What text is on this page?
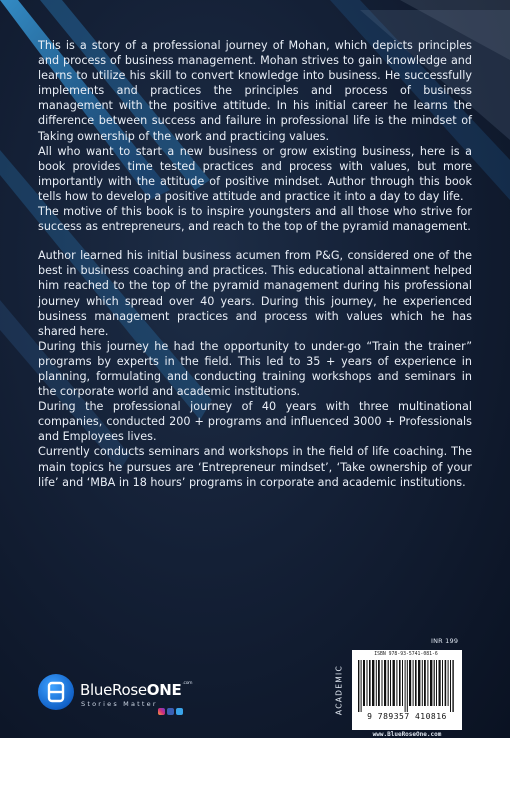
This is a story of a professional journey of Mohan, which depicts principles and process of business management. Mohan strives to gain knowledge and learns to utilize his skill to convert knowledge into business. He successfully implements and practices the principles and process of business management with the positive attitude. In his initial career he learns the difference between success and failure in professional life is the mindset of Taking ownership of the work and practicing values.

All who want to start a new business or grow existing business, here is a book provides time tested practices and process with values, but more importantly with the attitude of positive mindset. Author through this book tells how to develop a positive attitude and practice it into a day to day life.

The motive of this book is to inspire youngsters and all those who strive for success as entrepreneurs, and reach to the top of the pyramid management.

Author learned his initial business acumen from P&G, considered one of the best in business coaching and practices. This educational attainment helped him reached to the top of the pyramid management during his professional journey which spread over 40 years. During this journey, he experienced business management practices and process with values which he has shared here.

During this journey he had the opportunity to under-go “Train the trainer” programs by experts in the field. This led to 35 + years of experience in planning, formulating and conducting training workshops and seminars in the corporate world and academic institutions.

During the professional journey of 40 years with three multinational companies, conducted 200 + programs and influenced 3000 + Professionals and Employees lives.

Currently conducts seminars and workshops in the field of life coaching. The main topics he pursues are ‘Entrepreneur mindset’, ‘Take ownership of your life’ and ‘MBA in 18 hours’ programs in corporate and academic institutions.

INR 199
ACADEMIC
ISBN 978-93-5741-081-6
9 789357 410816
www.BlueRoseOne.com
BlueRoseONE$^{.com}$
Stories Matter
